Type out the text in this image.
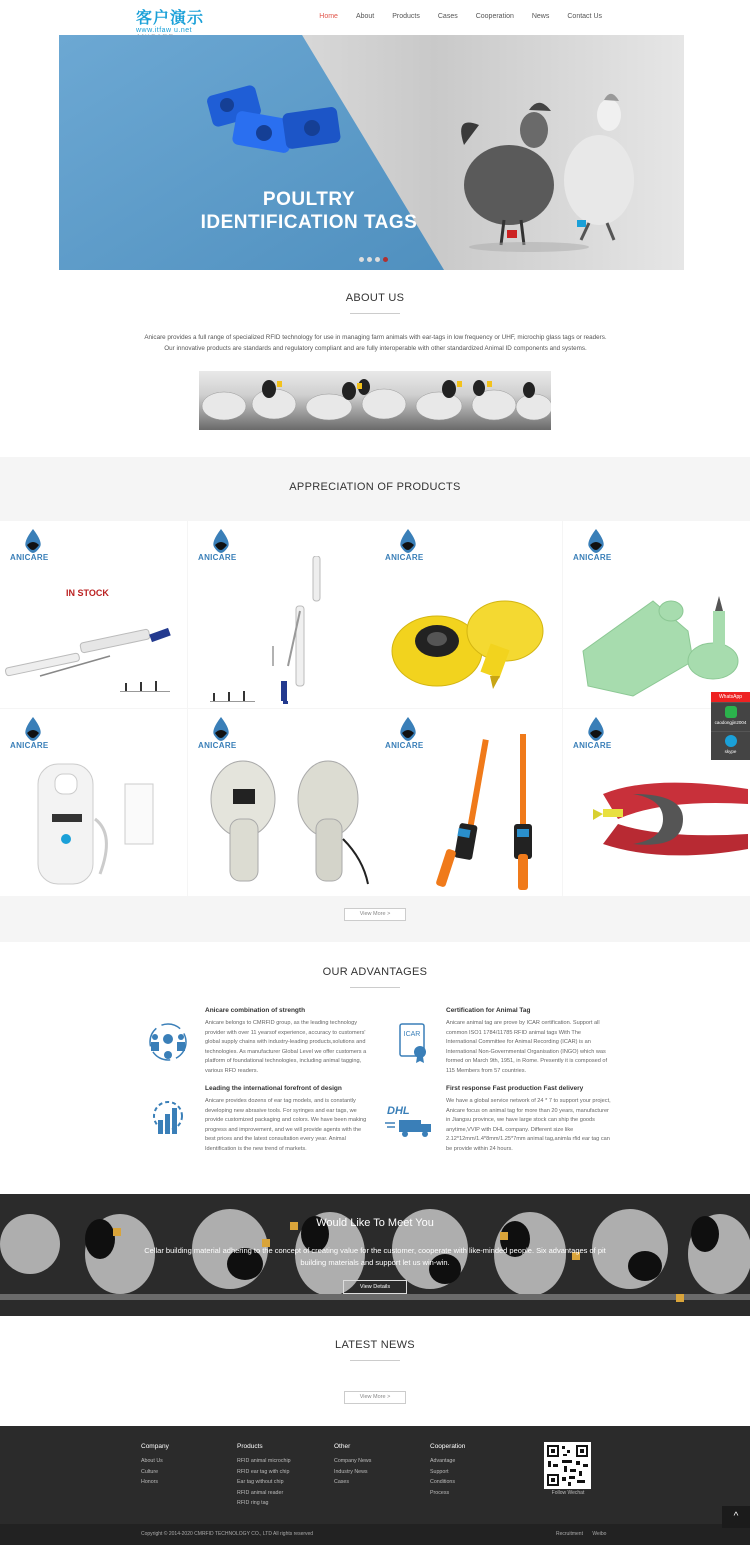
客户演示
www.itfaw u.net
Home	About	Products	Cases	Cooperation	News	Contact Us
POULTRY
IDENTIFICATION TAGS
ABOUT US
Anicare provides a full range of specialized RFID technology for use in managing farm animals with ear-tags in low frequency or UHF, microchip glass tags or readers. Our innovative products are standards and regulatory compliant and are fully interoperable with other standardized Animal ID components and systems.
APPRECIATION OF PRODUCTS
ANICARE
IN STOCK
ANICARE	ANICARE	ANICARE
ANICARE	ANICARE	ANICARE	ANICARE
View More >
OUR ADVANTAGES
Anicare combination of strength

Anicare belongs to CMRFID group, as the leading technology provider with over 11 yearsof experience, accuracy to customers' global supply chains with industry-leading products,solutions and technologies. As manufacturer Global Level we offer customers a platform of foundational technologies, including animal tagging, various RFD readers.

ICAR
Certification for Animal Tag

Anicare animal tag are prove by ICAR certification. Support all common ISO1 1784/11785 RFID animal tags With The International Committee for Animal Recording (ICAR) is an International Non-Governmental Organisation (INGO) which was formed on March 9th, 1951, in Rome. Presently it is composed of 115 Members from 57 countries.

Leading the international forefront of design

Anicare provides dozens of ear tag models, and is constantly developing new abrasive tools. For syringes and ear tags, we provide customized packaging and colors. We have been making progress and improvement, and we will provide agents with the best prices and the latest consultation every year. Animal Identification is the new trend of markets.

DHL
First response Fast production Fast delivery

We have a global service network of 24 * 7 to support your project, Anicare focus on animal tag for more than 20 years, manufacturer in Jiangsu province, we have large stock can ship the goods anytime,VVIP with DHL company. Different size like 2.12*12mm/1.4*8mm/1.25*7mm animal tag,animla rfid ear tag can be provide within 24 hours.

Would Like To Meet You
Cellar building material adhering to the concept of creating value for the customer, cooperate with like-minded people. Six advantages of pit building materials and support let us win-win.
View Details
LATEST NEWS
View More >
WhatsApp
caodongjin2004
skype
Company
About Us
Culture
Honors
Products
RFID animal microchip
RFID ear tag with chip
Ear tag without chip
RFID animal reader
RFID ring tag
Other
Company News
Industry News
Cases
Cooperation
Advantage
Support
Conditions
Process	Follow Wechat
Copyright © 2014-2020 CMRFID TECHNOLOGY CO., LTD All rights reserved	Recruitment Weibo
^
